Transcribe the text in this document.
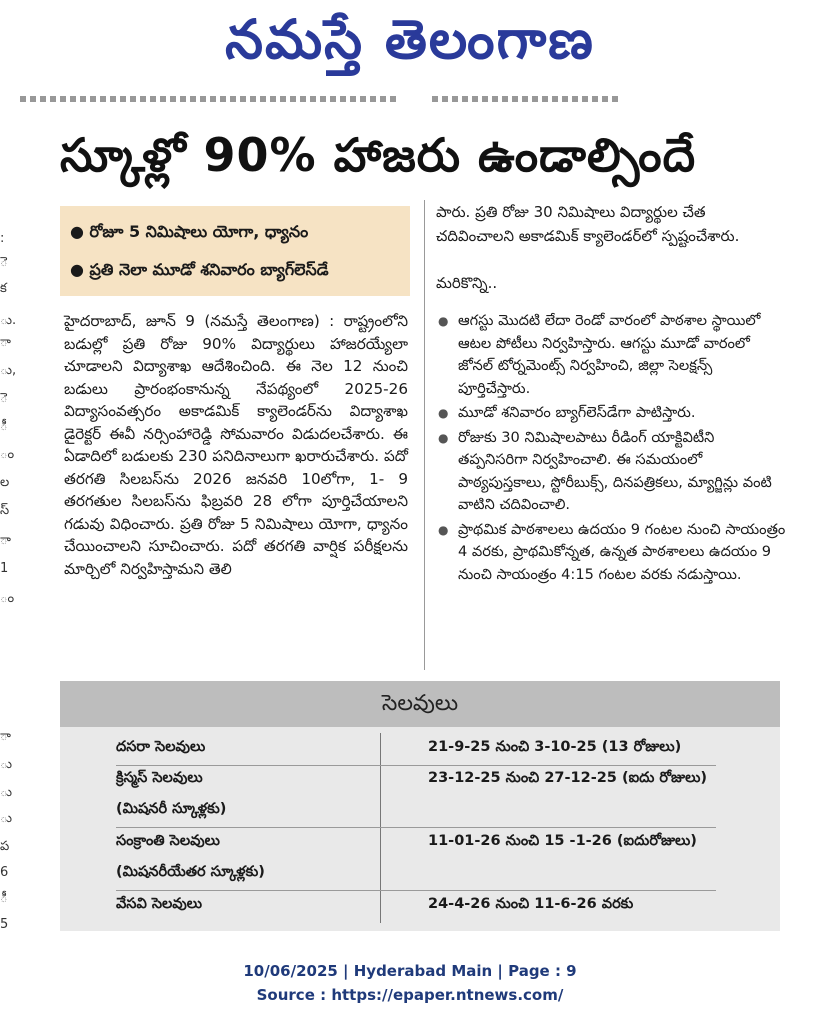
నమస్తే తెలంగాణ
:
ె
క
ు.
ా
ు,
ె
ీ
ం
ల
స్
ా
1
ం
ా
ు
ు
ు
ప
6
ీ
5
స్కూళ్లో 90% హాజరు ఉండాల్సిందే
● రోజూ 5 నిమిషాలు యోగా, ధ్యానం
● ప్రతి నెలా మూడో శనివారం బ్యాగ్‌లెస్‌డే
హైదరాబాద్, జూన్ 9 (నమస్తే తెలంగాణ) : రాష్ట్రంలోని బడుల్లో ప్రతి రోజు 90% విద్యార్థులు హాజరయ్యేలా చూడాలని విద్యాశాఖ ఆదేశించింది. ఈ నెల 12 నుంచి బడులు ప్రారంభంకానున్న నేపథ్యంలో 2025-26 విద్యాసంవత్సరం అకాడమిక్ క్యాలెండర్‌ను విద్యాశాఖ డైరెక్టర్ ఈవీ నర్సింహారెడ్డి సోమవారం విడుదలచేశారు. ఈ ఏడాదిలో బడులకు 230 పనిదినాలుగా ఖరారుచేశారు. పదో తరగతి సిలబస్‌ను 2026 జనవరి 10లోగా, 1- 9 తరగతుల సిలబస్‌ను ఫిబ్రవరి 28 లోగా పూర్తిచేయాలని గడువు విధించారు. ప్రతి రోజు 5 నిమిషాలు యోగా, ధ్యానం చేయించాలని సూచించారు. పదో తరగతి వార్షిక పరీక్షలను మార్చిలో నిర్వహిస్తామని తెలి
పారు. ప్రతి రోజు 30 నిమిషాలు విద్యార్థుల చేత చదివించాలని అకాడమిక్ క్యాలెండర్‌లో స్పష్టంచేశారు.
మరికొన్ని..
● ఆగస్టు మొదటి లేదా రెండో వారంలో పాఠశాల స్థాయిలో ఆటల పోటీలు నిర్వహిస్తారు. ఆగస్టు మూడో వారంలో జోనల్ టోర్నమెంట్స్ నిర్వహించి, జిల్లా సెలక్షన్స్ పూర్తిచేస్తారు.
● మూడో శనివారం బ్యాగ్‌లెస్‌డేగా పాటిస్తారు.
● రోజుకు 30 నిమిషాలపాటు రీడింగ్ యాక్టివిటీని తప్పనిసరిగా నిర్వహించాలి. ఈ సమయంలో పాఠ్యపుస్తకాలు, స్టోరీబుక్స్, దినపత్రికలు, మ్యాగ్జిన్లు వంటి వాటిని చదివించాలి.
● ప్రాథమిక పాఠశాలలు ఉదయం 9 గంటల నుంచి సాయంత్రం 4 వరకు, ప్రాథమికోన్నత, ఉన్నత పాఠశాలలు ఉదయం 9 నుంచి సాయంత్రం 4:15 గంటల వరకు నడుస్తాయి.
సెలవులు
దసరా సెలవులు	21-9-25 నుంచి 3-10-25 (13 రోజులు)
క్రిస్మస్ సెలవులు	23-12-25 నుంచి 27-12-25 (ఐదు రోజులు)
(మిషనరీ స్కూళ్లకు)
సంక్రాంతి సెలవులు	11-01-26 నుంచి 15 -1-26 (ఐదురోజులు)
(మిషనరీయేతర స్కూళ్లకు)
వేసవి సెలవులు	24-4-26 నుంచి 11-6-26 వరకు
10/06/2025 | Hyderabad Main | Page : 9
Source : https://epaper.ntnews.com/
